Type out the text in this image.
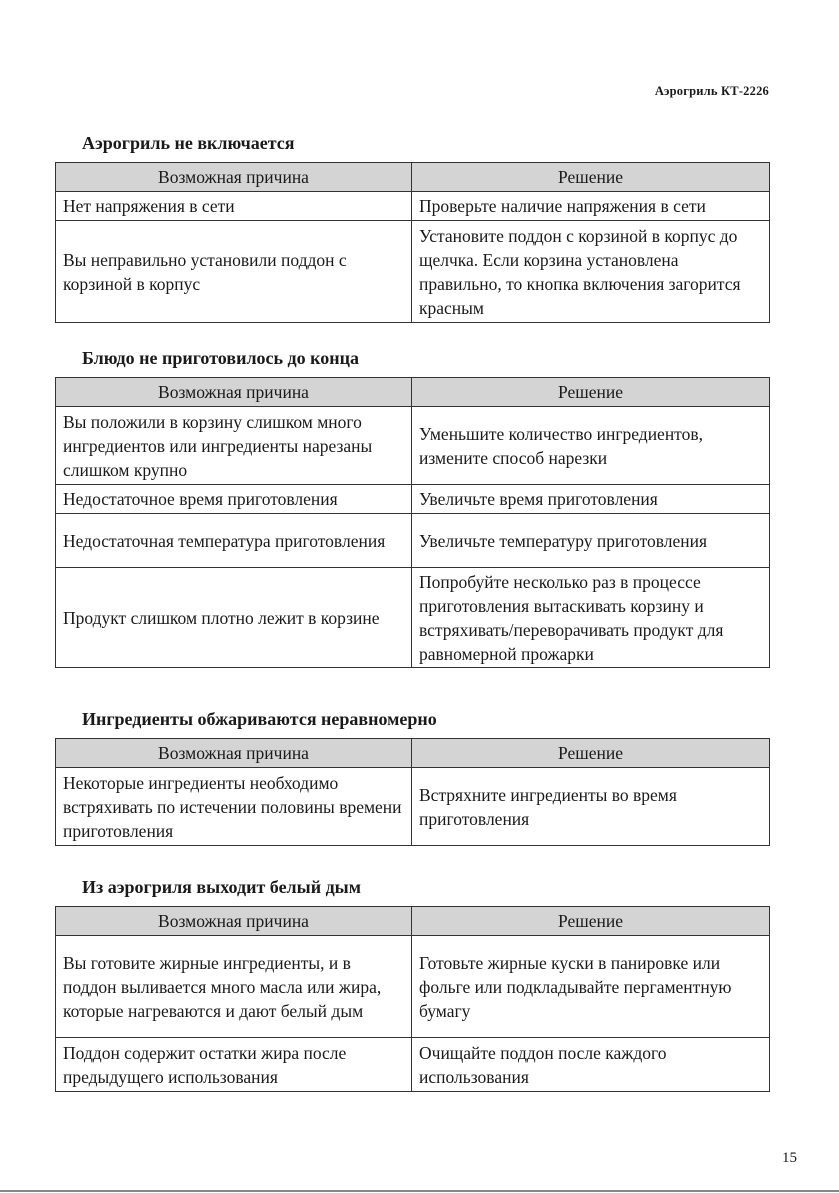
Аэрогриль КТ-2226
Аэрогриль не включается
Возможная причина	Решение
Нет напряжения в сети	Проверьте наличие напряжения в сети
Вы неправильно установили поддон с корзиной в корпус	Установите поддон с корзиной в корпус до щелчка. Если корзина установлена правильно, то кнопка включения загорится красным
Блюдо не приготовилось до конца
Возможная причина	Решение
Вы положили в корзину слишком много ингредиентов или ингредиенты нарезаны слишком крупно	Уменьшите количество ингредиентов, измените способ нарезки
Недостаточное время приготовления	Увеличьте время приготовления
Недостаточная температура приготовления	Увеличьте температуру приготовления
Продукт слишком плотно лежит в корзине	Попробуйте несколько раз в процессе приготовления вытаскивать корзину и встряхивать/переворачивать продукт для равномерной прожарки
Ингредиенты обжариваются неравномерно
Возможная причина	Решение
Некоторые ингредиенты необходимо встряхивать по истечении половины времени приготовления	Встряхните ингредиенты во время приготовления
Из аэрогриля выходит белый дым
Возможная причина	Решение
Вы готовите жирные ингредиенты, и в поддон выливается много масла или жира, которые нагреваются и дают белый дым	Готовьте жирные куски в панировке или фольге или подкладывайте пергаментную бумагу
Поддон содержит остатки жира после предыдущего использования	Очищайте поддон после каждого использования
15
